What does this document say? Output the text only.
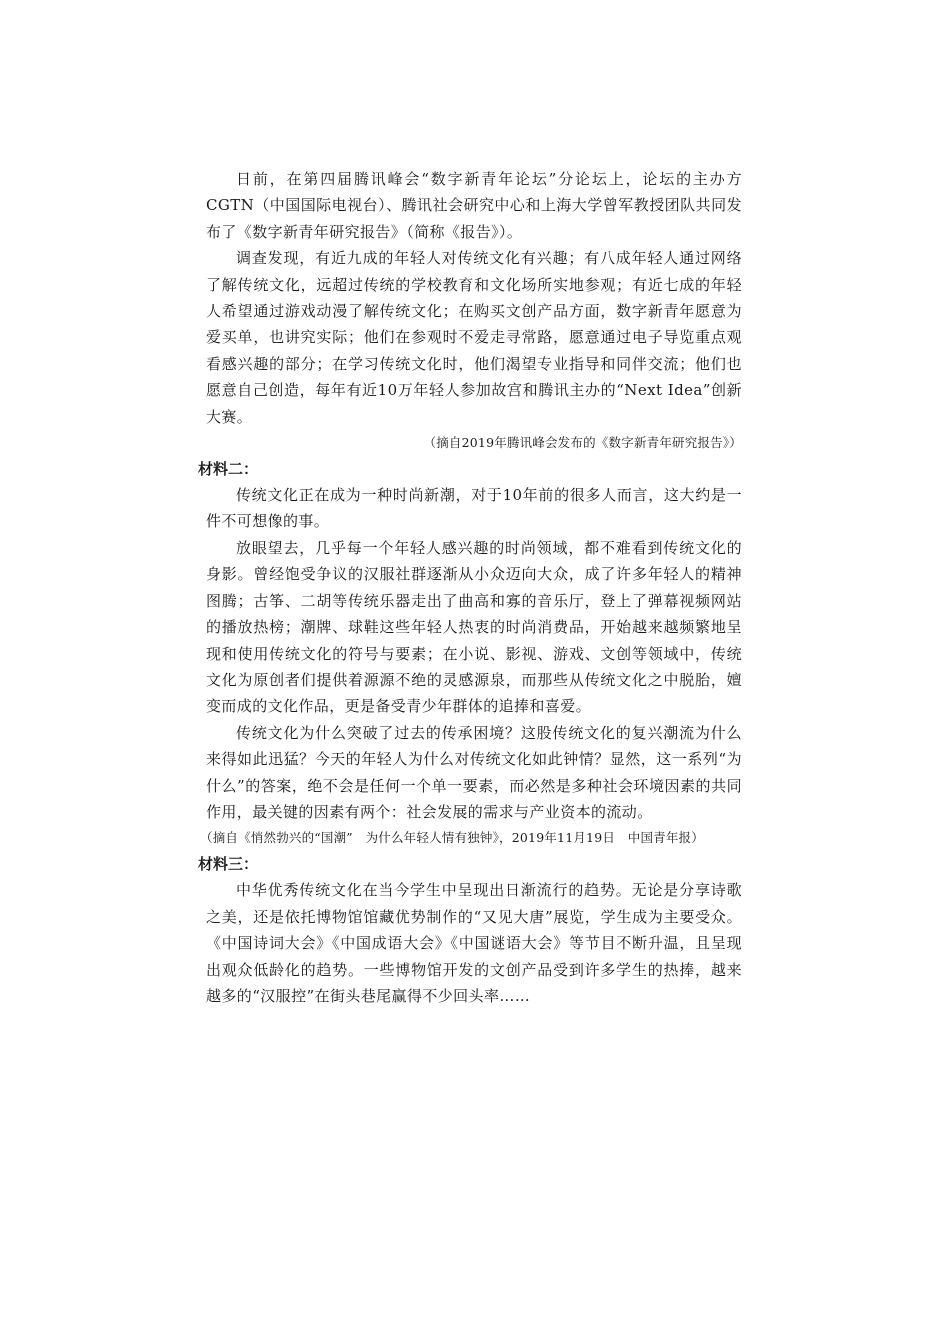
日前，在第四届腾讯峰会“数字新青年论坛”分论坛上，论坛的主办方CGTN（中国国际电视台）、腾讯社会研究中心和上海大学曾军教授团队共同发布了《数字新青年研究报告》（简称《报告》）。

调查发现，有近九成的年轻人对传统文化有兴趣；有八成年轻人通过网络了解传统文化，远超过传统的学校教育和文化场所实地参观；有近七成的年轻人希望通过游戏动漫了解传统文化；在购买文创产品方面，数字新青年愿意为爱买单，也讲究实际；他们在参观时不爱走寻常路，愿意通过电子导览重点观看感兴趣的部分；在学习传统文化时，他们渴望专业指导和同伴交流；他们也愿意自己创造，每年有近10万年轻人参加故宫和腾讯主办的“Next Idea”创新大赛。

（摘自2019年腾讯峰会发布的《数字新青年研究报告》）

材料二：

传统文化正在成为一种时尚新潮，对于10年前的很多人而言，这大约是一件不可想像的事。

放眼望去，几乎每一个年轻人感兴趣的时尚领域，都不难看到传统文化的身影。曾经饱受争议的汉服社群逐渐从小众迈向大众，成了许多年轻人的精神图腾；古筝、二胡等传统乐器走出了曲高和寡的音乐厅，登上了弹幕视频网站的播放热榜；潮牌、球鞋这些年轻人热衷的时尚消费品，开始越来越频繁地呈现和使用传统文化的符号与要素；在小说、影视、游戏、文创等领域中，传统文化为原创者们提供着源源不绝的灵感源泉，而那些从传统文化之中脱胎，嬗变而成的文化作品，更是备受青少年群体的追捧和喜爱。

传统文化为什么突破了过去的传承困境？这股传统文化的复兴潮流为什么来得如此迅猛？今天的年轻人为什么对传统文化如此钟情？显然，这一系列“为什么”的答案，绝不会是任何一个单一要素，而必然是多种社会环境因素的共同作用，最关键的因素有两个：社会发展的需求与产业资本的流动。

（摘自《悄然勃兴的“国潮”　为什么年轻人情有独钟》，2019年11月19日　中国青年报）

材料三：

中华优秀传统文化在当今学生中呈现出日渐流行的趋势。无论是分享诗歌之美，还是依托博物馆馆藏优势制作的“又见大唐”展览，学生成为主要受众。《中国诗词大会》《中国成语大会》《中国谜语大会》等节目不断升温，且呈现出观众低龄化的趋势。一些博物馆开发的文创产品受到许多学生的热捧，越来越多的“汉服控”在街头巷尾赢得不少回头率……
